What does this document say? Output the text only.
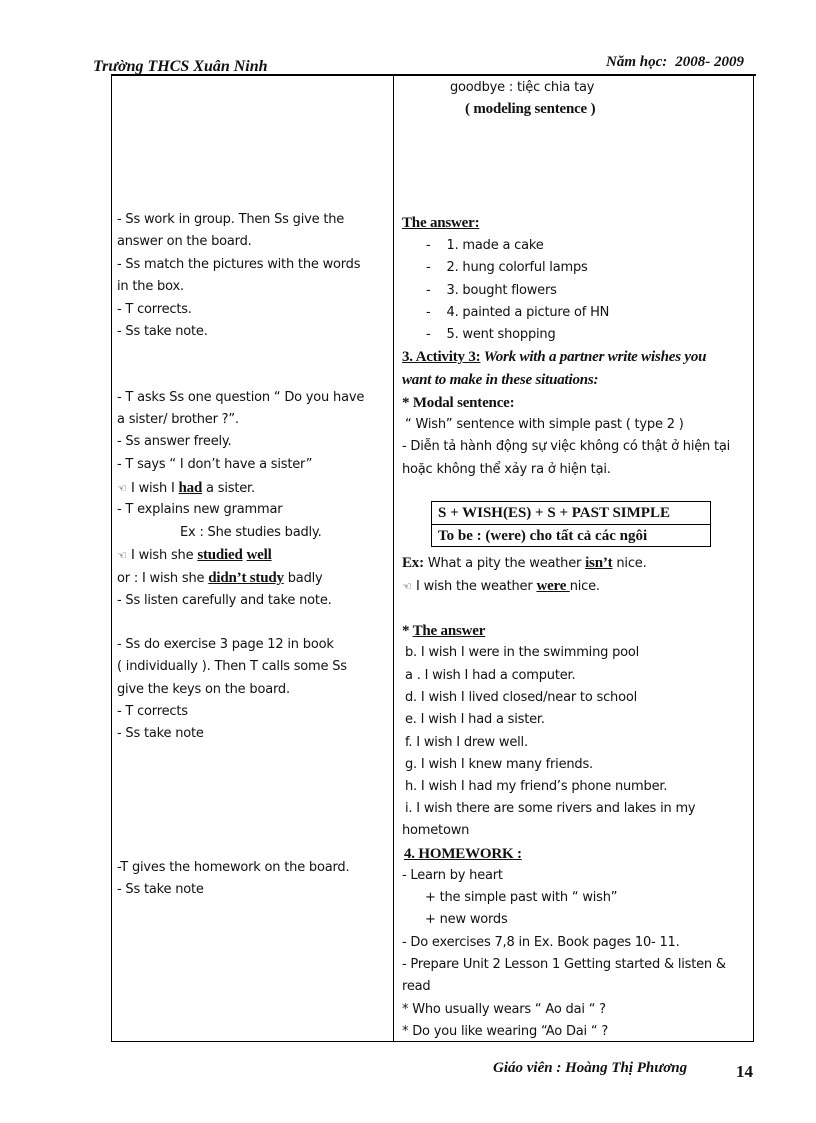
Trường THCS Xuân Ninh	Năm học: 2008- 2009
- Ss work in group. Then Ss give the
answer on the board.
- Ss match the pictures with the words
in the box.
- T corrects.
- Ss take note.
- T asks Ss one question “ Do you have
a sister/ brother ?”.
- Ss answer freely.
- T says “ I don’t have a sister”
☜ I wish I had a sister.
- T explains new grammar
Ex : She studies badly.
☜ I wish she studied well
or : I wish she didn’t study badly
- Ss listen carefully and take note.
- Ss do exercise 3 page 12 in book
( individually ). Then T calls some Ss
give the keys on the board.
- T corrects
- Ss take note
-T gives the homework on the board.
- Ss take note
goodbye : tiệc chia tay
( modeling sentence )
The answer:
- 1. made a cake
- 2. hung colorful lamps
- 3. bought flowers
- 4. painted a picture of HN
- 5. went shopping
3. Activity 3: Work with a partner write wishes you
want to make in these situations:
* Modal sentence:
“ Wish” sentence with simple past ( type 2 )
- Diễn tả hành động sự việc không có thật ở hiện tại
hoặc không thể xảy ra ở hiện tại.
S + WISH(ES) + S + PAST SIMPLE
To be : (were) cho tất cả các ngôi
Ex: What a pity the weather isn’t nice.
☜ I wish the weather were nice.
* The answer
b. I wish I were in the swimming pool
a . I wish I had a computer.
d. I wish I lived closed/near to school
e. I wish I had a sister.
f. I wish I drew well.
g. I wish I knew many friends.
h. I wish I had my friend’s phone number.
i. I wish there are some rivers and lakes in my
hometown
4. HOMEWORK :
- Learn by heart
+ the simple past with “ wish”
+ new words
- Do exercises 7,8 in Ex. Book pages 10- 11.
- Prepare Unit 2 Lesson 1 Getting started & listen &
read
* Who usually wears “ Ao dai “ ?
* Do you like wearing “Ao Dai “ ?
Giáo viên : Hoàng Thị Phương	14
